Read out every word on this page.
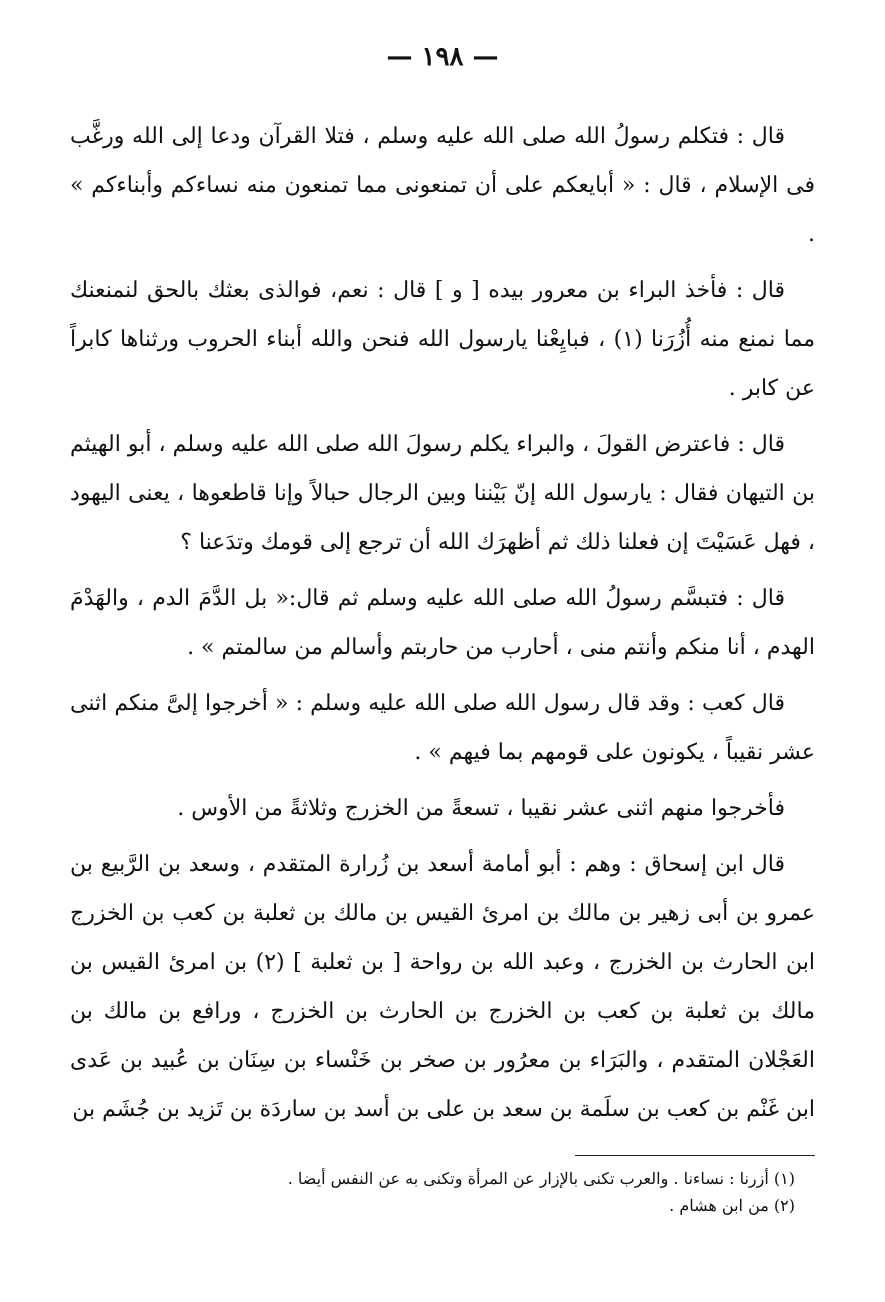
— ١٩٨ —

قال : فتكلم رسولُ الله صلى الله عليه وسلم ، فتلا القرآن ودعا إلى الله ورغَّب فى الإسلام ، قال : « أبايعكم على أن تمنعونى مما تمنعون منه نساءكم وأبناءكم » .

قال : فأخذ البراء بن معرور بيده [ و ] قال : نعم، فوالذى بعثك بالحق لنمنعنك مما نمنع منه أُزُرَنا (١) ، فبايِعْنا يارسول الله فنحن والله أبناء الحروب ورثناها كابراً عن كابر .

قال : فاعترض القولَ ، والبراء يكلم رسولَ الله صلى الله عليه وسلم ، أبو الهيثم بن التيهان فقال : يارسول الله إنّ بَيْننا وبين الرجال حبالاً وإنا قاطعوها ، يعنى اليهود ، فهل عَسَيْتَ إن فعلنا ذلك ثم أظهرَك الله أن ترجع إلى قومك وتدَعنا ؟

قال : فتبسَّم رسولُ الله صلى الله عليه وسلم ثم قال:« بل الدَّمَ الدم ، والهَدْمَ الهدم ، أنا منكم وأنتم منى ، أحارب من حاربتم وأسالم من سالمتم » .

قال كعب : وقد قال رسول الله صلى الله عليه وسلم : « أخرجوا إلىَّ منكم اثنى عشر نقيباً ، يكونون على قومهم بما فيهم » .

فأخرجوا منهم اثنى عشر نقيبا ، تسعةً من الخزرج وثلاثةً من الأوس .

قال ابن إسحاق : وهم : أبو أمامة أسعد بن زُرارة المتقدم ، وسعد بن الرَّبيع بن عمرو بن أبى زهير بن مالك بن امرئ القيس بن مالك بن ثعلبة بن كعب بن الخزرج ابن الحارث بن الخزرج ، وعبد الله بن رواحة [ بن ثعلبة ] (٢) بن امرئ القيس بن مالك بن ثعلبة بن كعب بن الخزرج بن الحارث بن الخزرج ، ورافع بن مالك بن العَجْلان المتقدم ، والبَرَاء بن معرُور بن صخر بن خَنْساء بن سِنَان بن عُبيد بن عَدى ابن غَنْم بن كعب بن سلَمة بن سعد بن على بن أسد بن ساردَة بن تَزيد بن جُشَم بن

(١) أزرنا : نساءنا . والعرب تكنى بالإزار عن المرأة وتكنى به عن النفس أيضا .

(٢) من ابن هشام .
